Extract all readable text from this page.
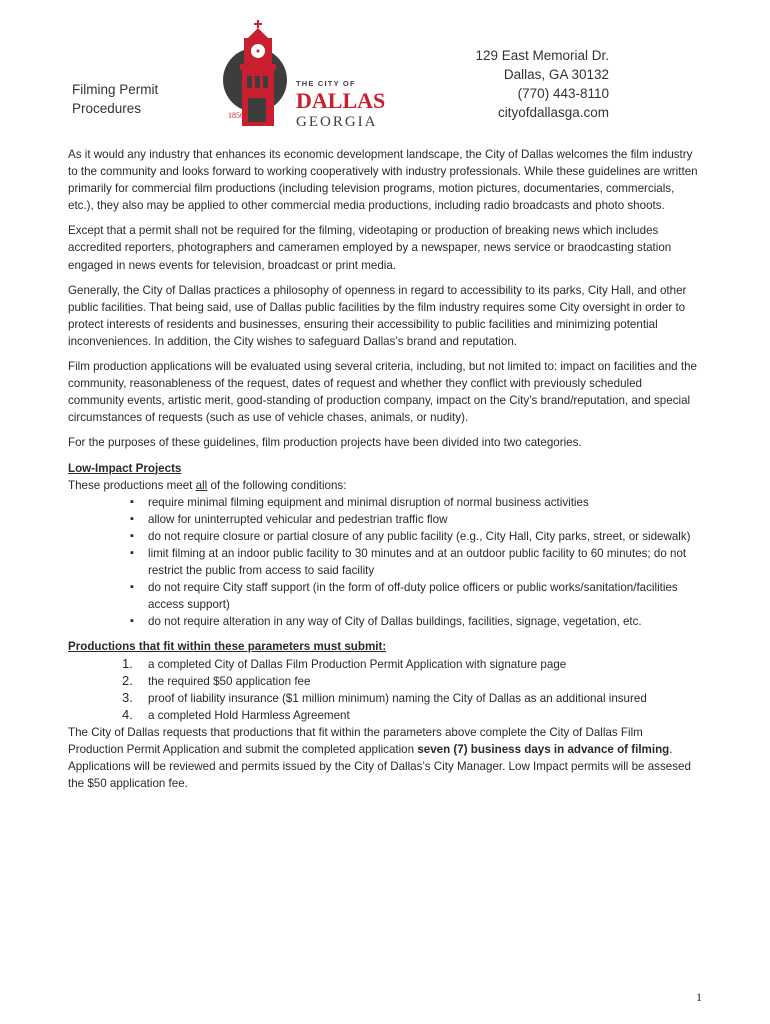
Filming Permit
Procedures	1856
THE CITY OF
DALLAS
GEORGIA
129 East Memorial Dr.
Dallas, GA 30132
(770) 443-8110
cityofdallasga.com

As it would any industry that enhances its economic development landscape, the City of Dallas welcomes the film industry to the community and looks forward to working cooperatively with industry professionals. While these guidelines are written primarily for commercial film productions (including television programs, motion pictures, documentaries, commercials, etc.), they also may be applied to other commercial media productions, including radio broadcasts and photo shoots.

Except that a permit shall not be required for the filming, videotaping or production of breaking news which includes accredited reporters, photographers and cameramen employed by a newspaper, news service or braodcasting station engaged in news events for television, broadcast or print media.

Generally, the City of Dallas practices a philosophy of openness in regard to accessibility to its parks, City Hall, and other public facilities. That being said, use of Dallas public facilities by the film industry requires some City oversight in order to protect interests of residents and businesses, ensuring their accessibility to public facilities and minimizing potential inconveniences. In addition, the City wishes to safeguard Dallas’s brand and reputation.

Film production applications will be evaluated using several criteria, including, but not limited to: impact on facilities and the community, reasonableness of the request, dates of request and whether they conflict with previously scheduled community events, artistic merit, good-standing of production company, impact on the City’s brand/reputation, and special circumstances of requests (such as use of vehicle chases, animals, or nudity).

For the purposes of these guidelines, film production projects have been divided into two categories.

Low-Impact Projects
These productions meet all of the following conditions:
▪ require minimal filming equipment and minimal disruption of normal business activities
▪ allow for uninterrupted vehicular and pedestrian traffic flow
▪ do not require closure or partial closure of any public facility (e.g., City Hall, City parks, street, or sidewalk)
▪ limit filming at an indoor public facility to 30 minutes and at an outdoor public facility to 60 minutes; do not restrict the public from access to said facility
▪ do not require City staff support (in the form of off-duty police officers or public works/sanitation/facilities access support)
▪ do not require alteration in any way of City of Dallas buildings, facilities, signage, vegetation, etc.
Productions that fit within these parameters must submit:
1. a completed City of Dallas Film Production Permit Application with signature page
2. the required $50 application fee
3. proof of liability insurance ($1 million minimum) naming the City of Dallas as an additional insured
4. a completed Hold Harmless Agreement

The City of Dallas requests that productions that fit within the parameters above complete the City of Dallas Film Production Permit Application and submit the completed application seven (7) business days in advance of filming. Applications will be reviewed and permits issued by the City of Dallas’s City Manager. Low Impact permits will be assesed the $50 application fee.

1
